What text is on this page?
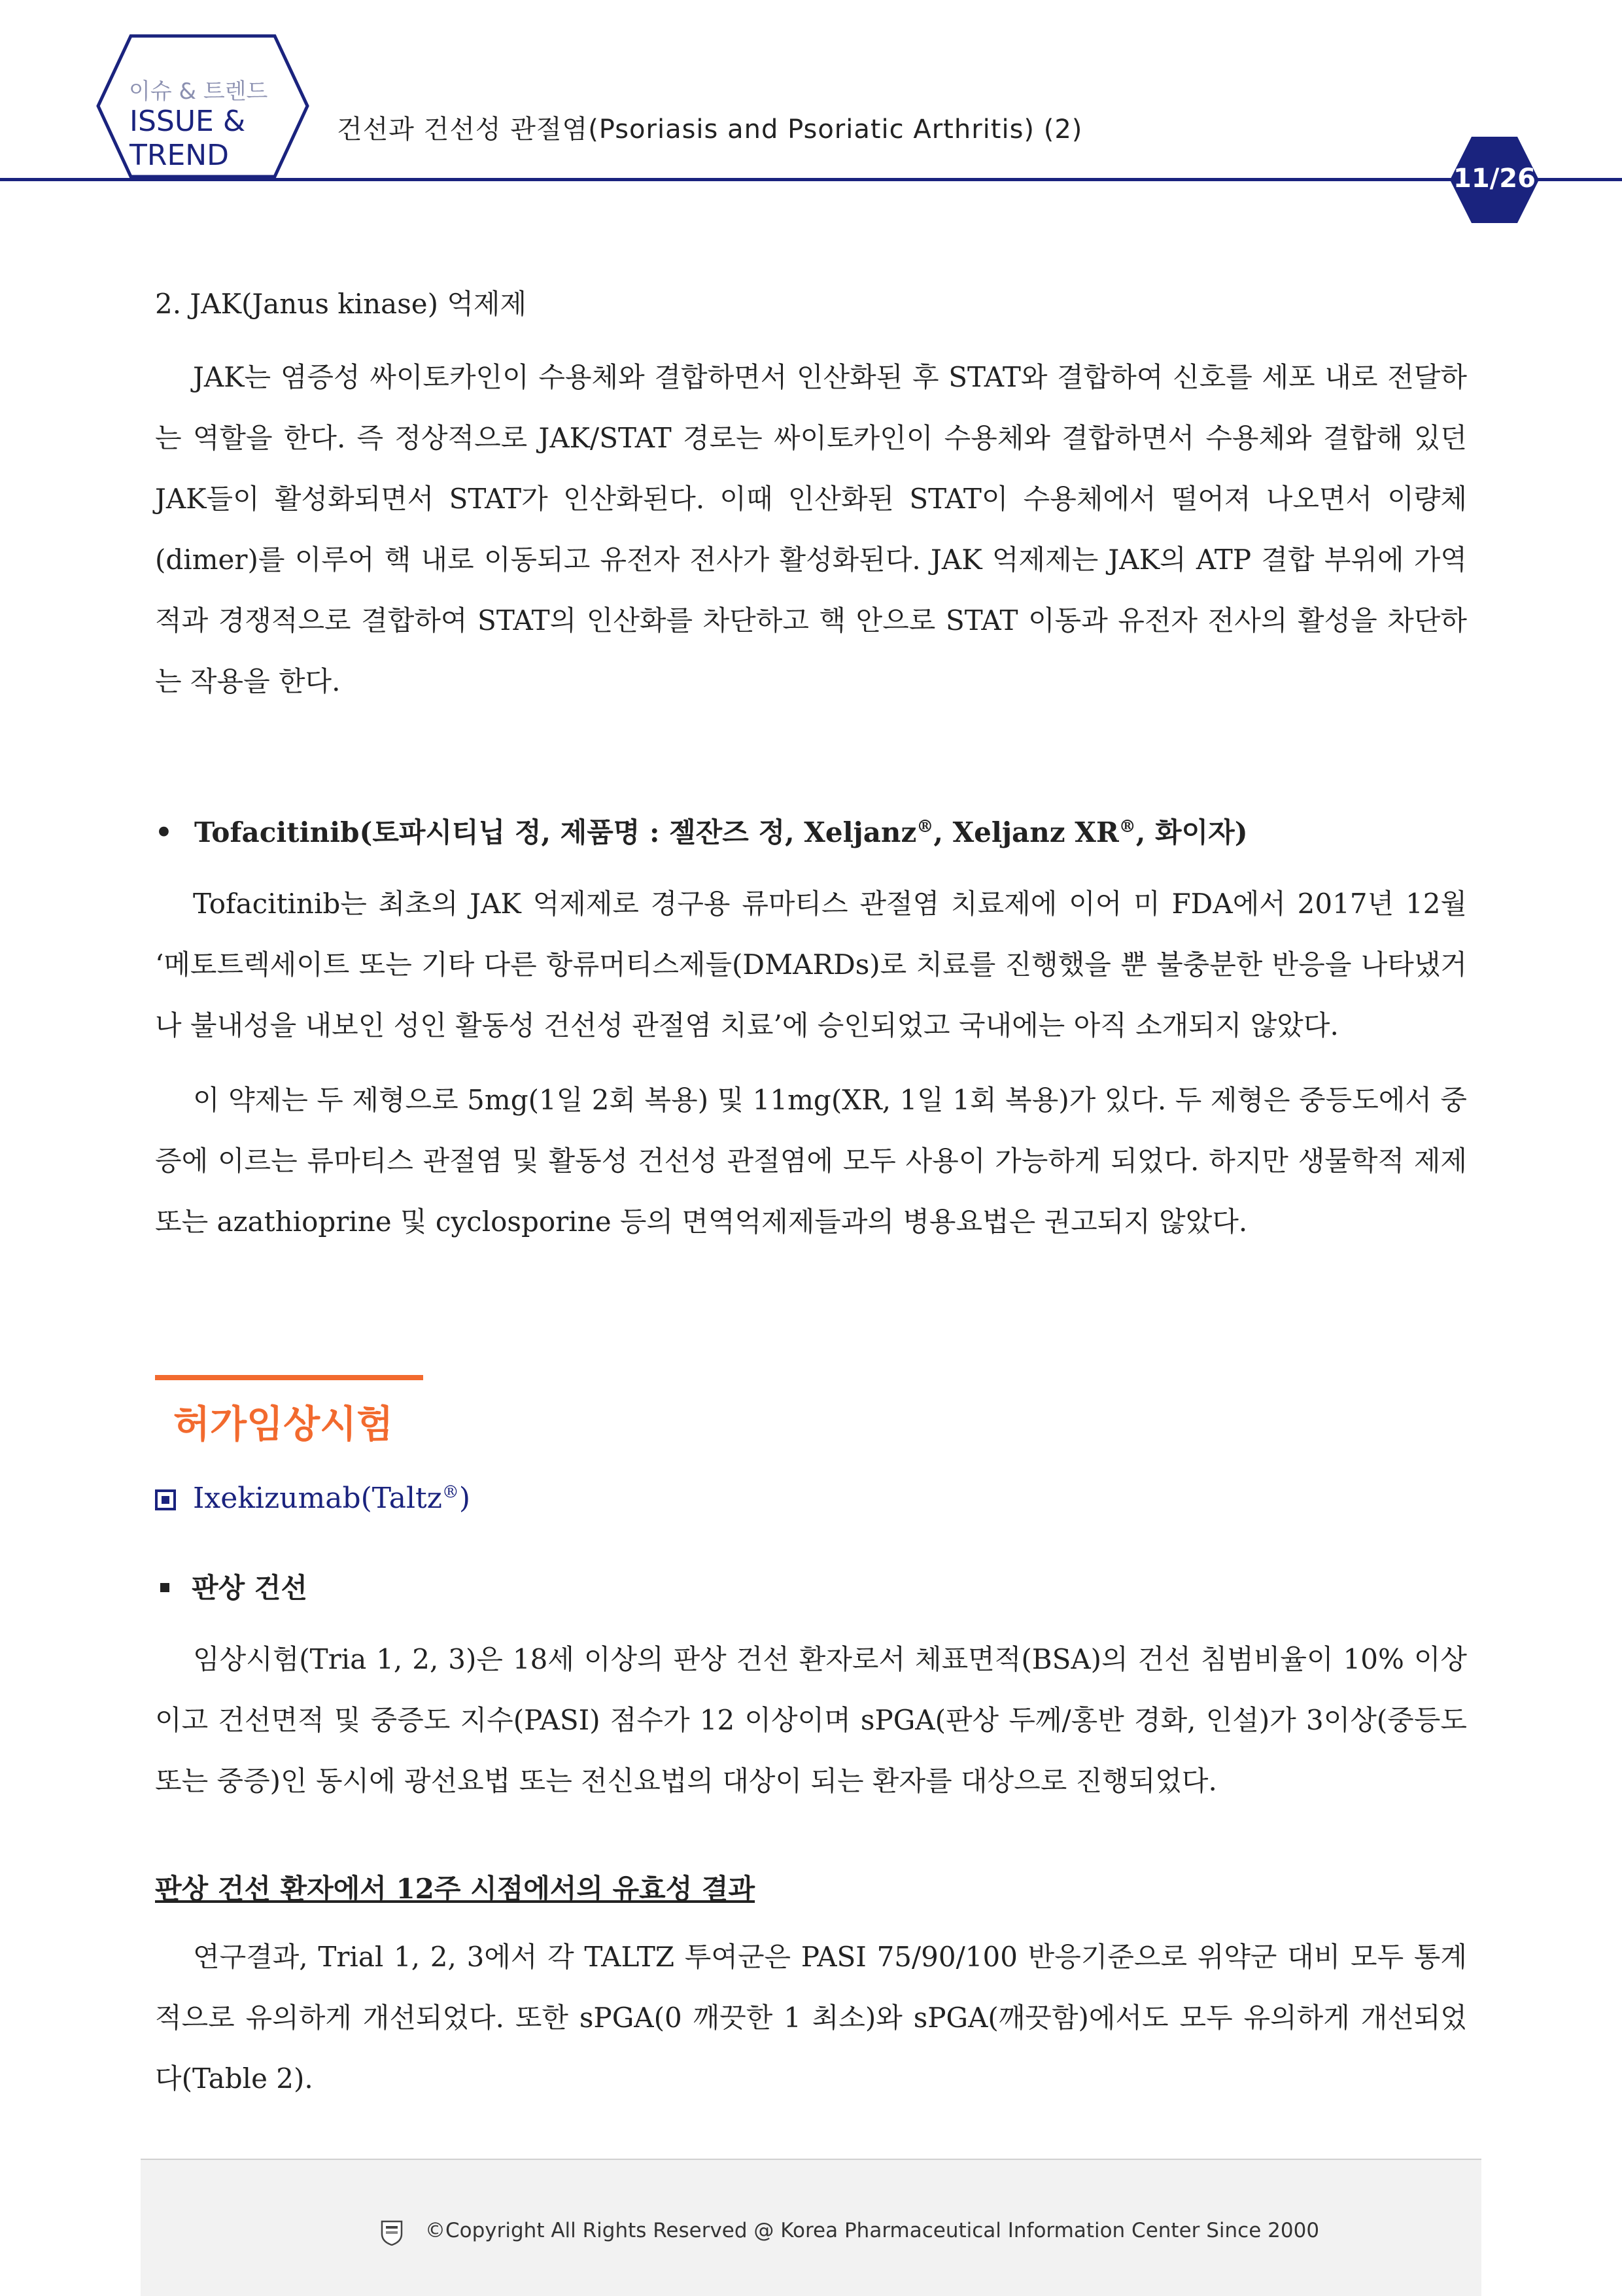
이슈 & 트렌드
ISSUE &
TREND
건선과 건선성 관절염(Psoriasis and Psoriatic Arthritis) (2)
11/26
2. JAK(Janus kinase) 억제제

JAK는 염증성 싸이토카인이 수용체와 결합하면서 인산화된 후 STAT와 결합하여 신호를 세포 내로 전달하는 역할을 한다. 즉 정상적으로 JAK/STAT 경로는 싸이토카인이 수용체와 결합하면서 수용체와 결합해 있던 JAK들이 활성화되면서 STAT가 인산화된다. 이때 인산화된 STAT이 수용체에서 떨어져 나오면서 이량체(dimer)를 이루어 핵 내로 이동되고 유전자 전사가 활성화된다. JAK 억제제는 JAK의 ATP 결합 부위에 가역적과 경쟁적으로 결합하여 STAT의 인산화를 차단하고 핵 안으로 STAT 이동과 유전자 전사의 활성을 차단하는 작용을 한다.

• Tofacitinib(토파시티닙 정, 제품명 : 젤잔즈 정, Xeljanz®, Xeljanz XR®, 화이자)

Tofacitinib는 최초의 JAK 억제제로 경구용 류마티스 관절염 치료제에 이어 미 FDA에서 2017년 12월 ‘메토트렉세이트 또는 기타 다른 항류머티스제들(DMARDs)로 치료를 진행했을 뿐 불충분한 반응을 나타냈거나 불내성을 내보인 성인 활동성 건선성 관절염 치료’에 승인되었고 국내에는 아직 소개되지 않았다.

이 약제는 두 제형으로 5mg(1일 2회 복용) 및 11mg(XR, 1일 1회 복용)가 있다. 두 제형은 중등도에서 중증에 이르는 류마티스 관절염 및 활동성 건선성 관절염에 모두 사용이 가능하게 되었다. 하지만 생물학적 제제 또는 azathioprine 및 cyclosporine 등의 면역억제제들과의 병용요법은 권고되지 않았다.

허가임상시험
Ixekizumab(Taltz®)
판상 건선

임상시험(Tria 1, 2, 3)은 18세 이상의 판상 건선 환자로서 체표면적(BSA)의 건선 침범비율이 10% 이상이고 건선면적 및 중증도 지수(PASI) 점수가 12 이상이며 sPGA(판상 두께/홍반 경화, 인설)가 3이상(중등도 또는 중증)인 동시에 광선요법 또는 전신요법의 대상이 되는 환자를 대상으로 진행되었다.

판상 건선 환자에서 12주 시점에서의 유효성 결과

연구결과, Trial 1, 2, 3에서 각 TALTZ 투여군은 PASI 75/90/100 반응기준으로 위약군 대비 모두 통계적으로 유의하게 개선되었다. 또한 sPGA(0 깨끗한 1 최소)와 sPGA(깨끗함)에서도 모두 유의하게 개선되었다(Table 2).

©Copyright All Rights Reserved @ Korea Pharmaceutical Information Center Since 2000
